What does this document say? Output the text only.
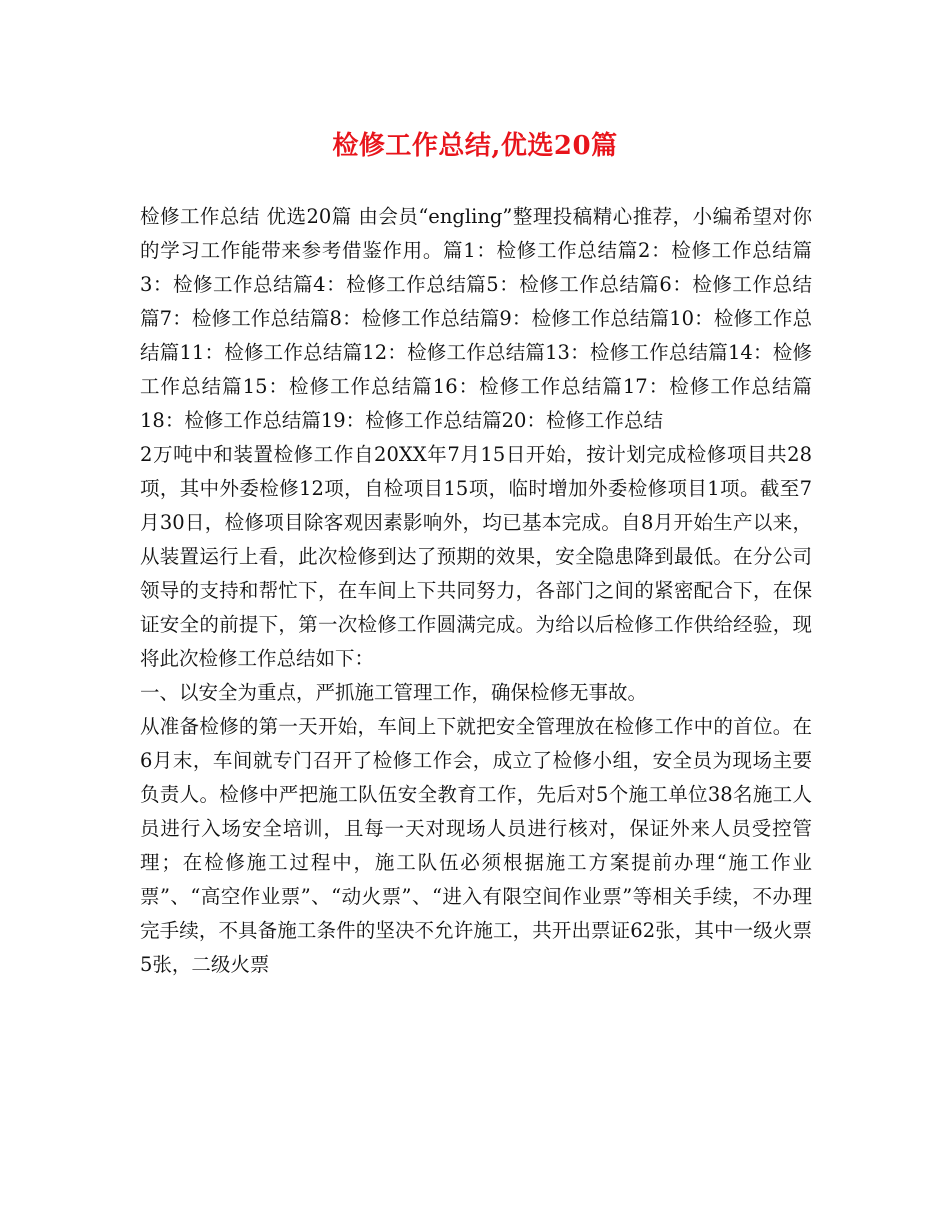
检修工作总结,优选20篇

检修工作总结 优选20篇 由会员“engling”整理投稿精心推荐，小编希望对你的学习工作能带来参考借鉴作用。篇1：检修工作总结篇2：检修工作总结篇3：检修工作总结篇4：检修工作总结篇5：检修工作总结篇6：检修工作总结篇7：检修工作总结篇8：检修工作总结篇9：检修工作总结篇10：检修工作总结篇11：检修工作总结篇12：检修工作总结篇13：检修工作总结篇14：检修工作总结篇15：检修工作总结篇16：检修工作总结篇17：检修工作总结篇18：检修工作总结篇19：检修工作总结篇20：检修工作总结

2万吨中和装置检修工作自20XX年7月15日开始，按计划完成检修项目共28项，其中外委检修12项，自检项目15项，临时增加外委检修项目1项。截至7月30日，检修项目除客观因素影响外，均已基本完成。自8月开始生产以来，从装置运行上看，此次检修到达了预期的效果，安全隐患降到最低。在分公司领导的支持和帮忙下，在车间上下共同努力，各部门之间的紧密配合下，在保证安全的前提下，第一次检修工作圆满完成。为给以后检修工作供给经验，现将此次检修工作总结如下：

一、以安全为重点，严抓施工管理工作，确保检修无事故。

从准备检修的第一天开始，车间上下就把安全管理放在检修工作中的首位。在6月末，车间就专门召开了检修工作会，成立了检修小组，安全员为现场主要负责人。检修中严把施工队伍安全教育工作，先后对5个施工单位38名施工人员进行入场安全培训，且每一天对现场人员进行核对，保证外来人员受控管理；在检修施工过程中，施工队伍必须根据施工方案提前办理“施工作业票”、“高空作业票”、“动火票”、“进入有限空间作业票”等相关手续，不办理完手续，不具备施工条件的坚决不允许施工，共开出票证62张，其中一级火票5张，二级火票
